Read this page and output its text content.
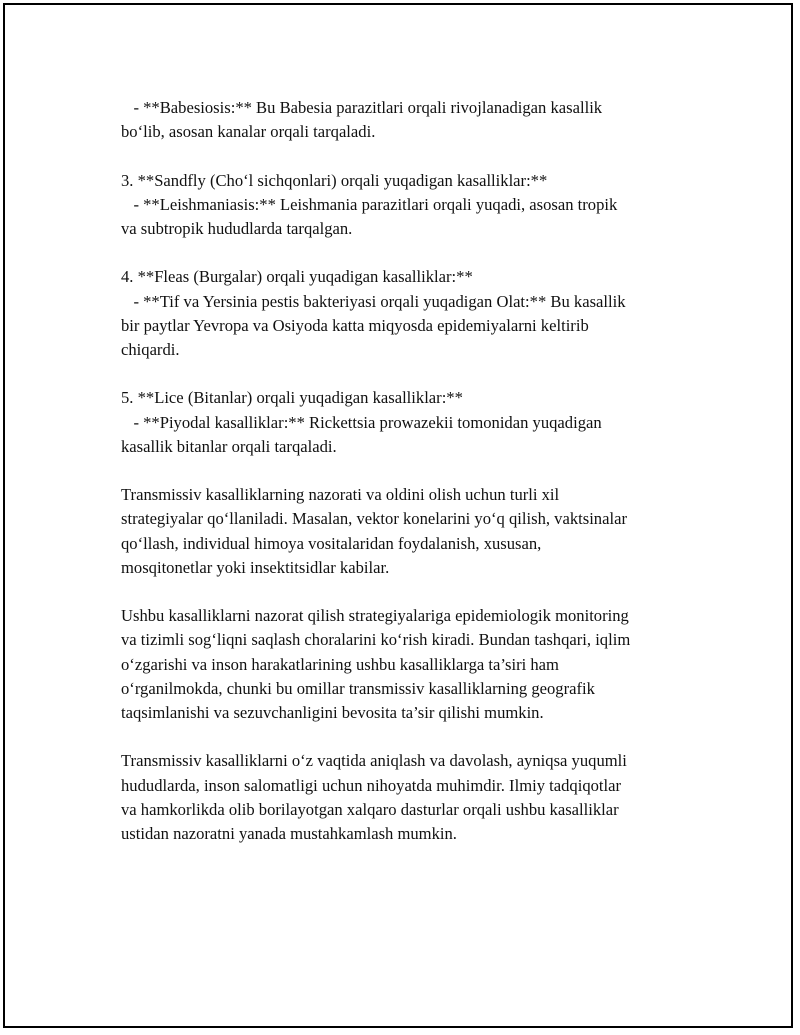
- **Babesiosis:** Bu Babesia parazitlari orqali rivojlanadigan kasallik
bo‘lib, asosan kanalar orqali tarqaladi.

3. **Sandfly (Cho‘l sichqonlari) orqali yuqadigan kasalliklar:**
- **Leishmaniasis:** Leishmania parazitlari orqali yuqadi, asosan tropik
va subtropik hududlarda tarqalgan.

4. **Fleas (Burgalar) orqali yuqadigan kasalliklar:**
- **Tif va Yersinia pestis bakteriyasi orqali yuqadigan Olat:** Bu kasallik
bir paytlar Yevropa va Osiyoda katta miqyosda epidemiyalarni keltirib
chiqardi.

5. **Lice (Bitanlar) orqali yuqadigan kasalliklar:**
- **Piyodal kasalliklar:** Rickettsia prowazekii tomonidan yuqadigan
kasallik bitanlar orqali tarqaladi.

Transmissiv kasalliklarning nazorati va oldini olish uchun turli xil
strategiyalar qo‘llaniladi. Masalan, vektor konelarini yo‘q qilish, vaktsinalar
qo‘llash, individual himoya vositalaridan foydalanish, xususan,
mosqitonetlar yoki insektitsidlar kabilar.

Ushbu kasalliklarni nazorat qilish strategiyalariga epidemiologik monitoring
va tizimli sog‘liqni saqlash choralarini ko‘rish kiradi. Bundan tashqari, iqlim
o‘zgarishi va inson harakatlarining ushbu kasalliklarga ta’siri ham
o‘rganilmokda, chunki bu omillar transmissiv kasalliklarning geografik
taqsimlanishi va sezuvchanligini bevosita ta’sir qilishi mumkin.

Transmissiv kasalliklarni o‘z vaqtida aniqlash va davolash, ayniqsa yuqumli
hududlarda, inson salomatligi uchun nihoyatda muhimdir. Ilmiy tadqiqotlar
va hamkorlikda olib borilayotgan xalqaro dasturlar orqali ushbu kasalliklar
ustidan nazoratni yanada mustahkamlash mumkin.
